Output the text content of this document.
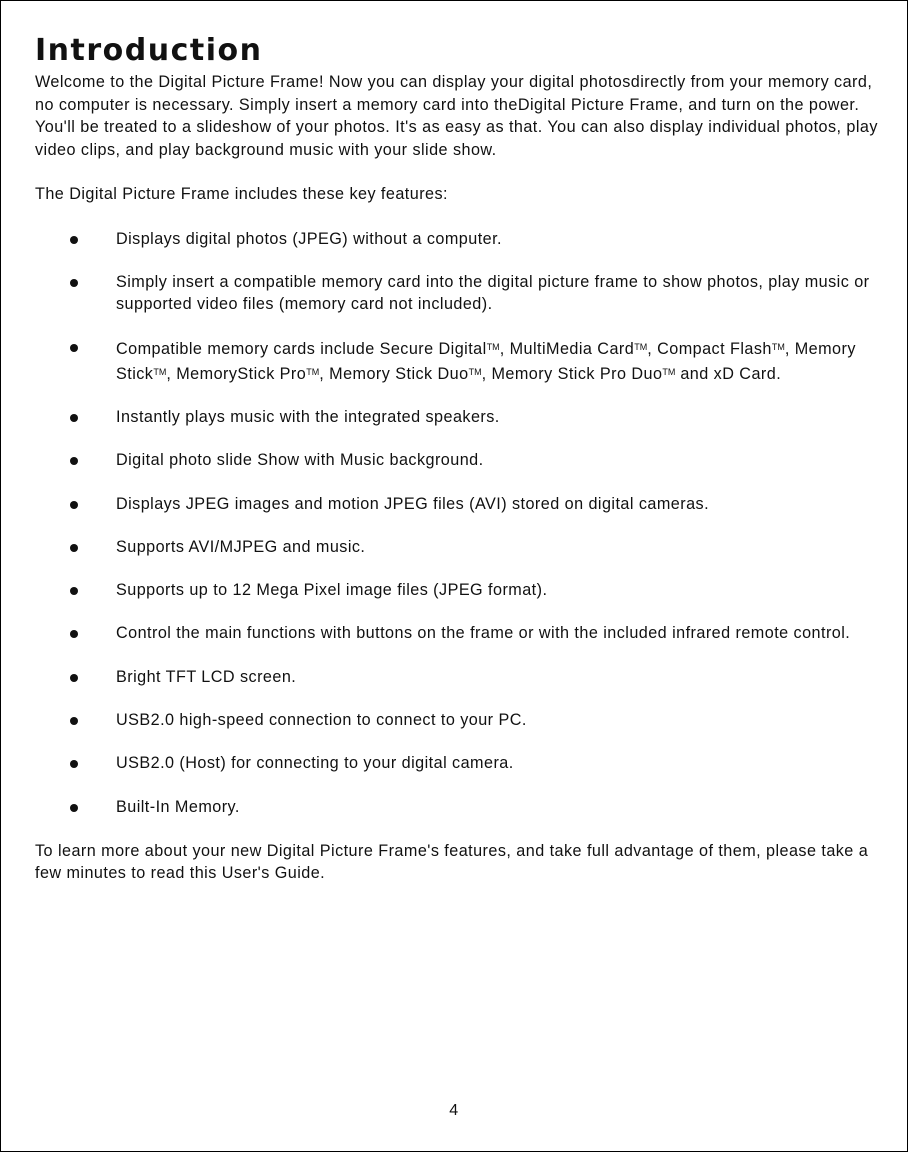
Introduction

Welcome to the Digital Picture Frame! Now you can display your digital photosdirectly from your memory card, no computer is necessary. Simply insert a memory card into theDigital Picture Frame, and turn on the power. You'll be treated to a slideshow of your photos. It's as easy as that. You can also display individual photos, play video clips, and play background music with your slide show.

The Digital Picture Frame includes these key features:

Displays digital photos (JPEG) without a computer.
Simply insert a compatible memory card into the digital picture frame to show photos, play music or supported video files (memory card not included).
Compatible memory cards include Secure Digital™, MultiMedia Card™, Compact Flash™, Memory Stick™, MemoryStick Pro™, Memory Stick Duo™, Memory Stick Pro Duo™ and xD Card.
Instantly plays music with the integrated speakers.
Digital photo slide Show with Music background.
Displays JPEG images and motion JPEG files (AVI) stored on digital cameras.
Supports AVI/MJPEG and music.
Supports up to 12 Mega Pixel image files (JPEG format).
Control the main functions with buttons on the frame or with the included infrared remote control.
Bright TFT LCD screen.
USB2.0 high-speed connection to connect to your PC.
USB2.0 (Host) for connecting to your digital camera.
Built-In Memory.

To learn more about your new Digital Picture Frame's features, and take full advantage of them, please take a few minutes to read this User's Guide.

4
